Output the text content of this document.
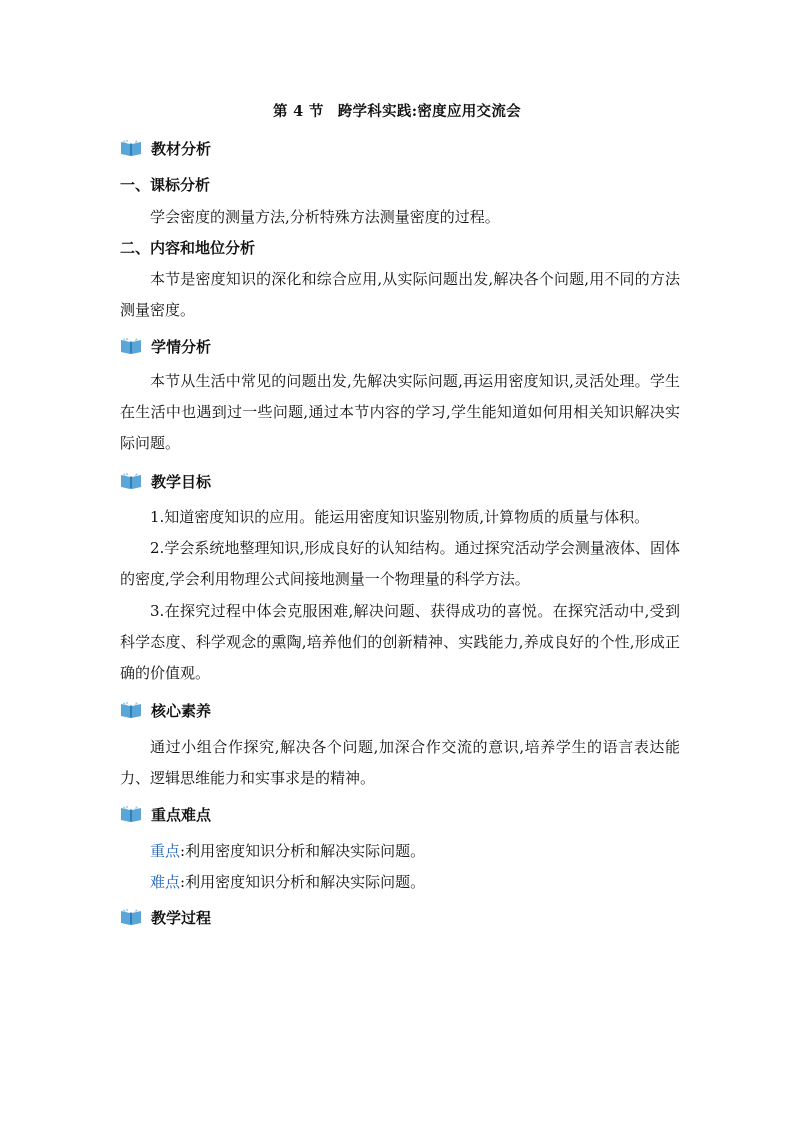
第 4 节 跨学科实践:密度应用交流会
教材分析
一、课标分析

学会密度的测量方法,分析特殊方法测量密度的过程。

二、内容和地位分析

本节是密度知识的深化和综合应用,从实际问题出发,解决各个问题,用不同的方法测量密度。

学情分析

本节从生活中常见的问题出发,先解决实际问题,再运用密度知识,灵活处理。学生在生活中也遇到过一些问题,通过本节内容的学习,学生能知道如何用相关知识解决实际问题。

教学目标

1.知道密度知识的应用。能运用密度知识鉴别物质,计算物质的质量与体积。

2.学会系统地整理知识,形成良好的认知结构。通过探究活动学会测量液体、固体的密度,学会利用物理公式间接地测量一个物理量的科学方法。

3.在探究过程中体会克服困难,解决问题、获得成功的喜悦。在探究活动中,受到科学态度、科学观念的熏陶,培养他们的创新精神、实践能力,养成良好的个性,形成正确的价值观。

核心素养

通过小组合作探究,解决各个问题,加深合作交流的意识,培养学生的语言表达能力、逻辑思维能力和实事求是的精神。

重点难点

重点:利用密度知识分析和解决实际问题。

难点:利用密度知识分析和解决实际问题。

教学过程
